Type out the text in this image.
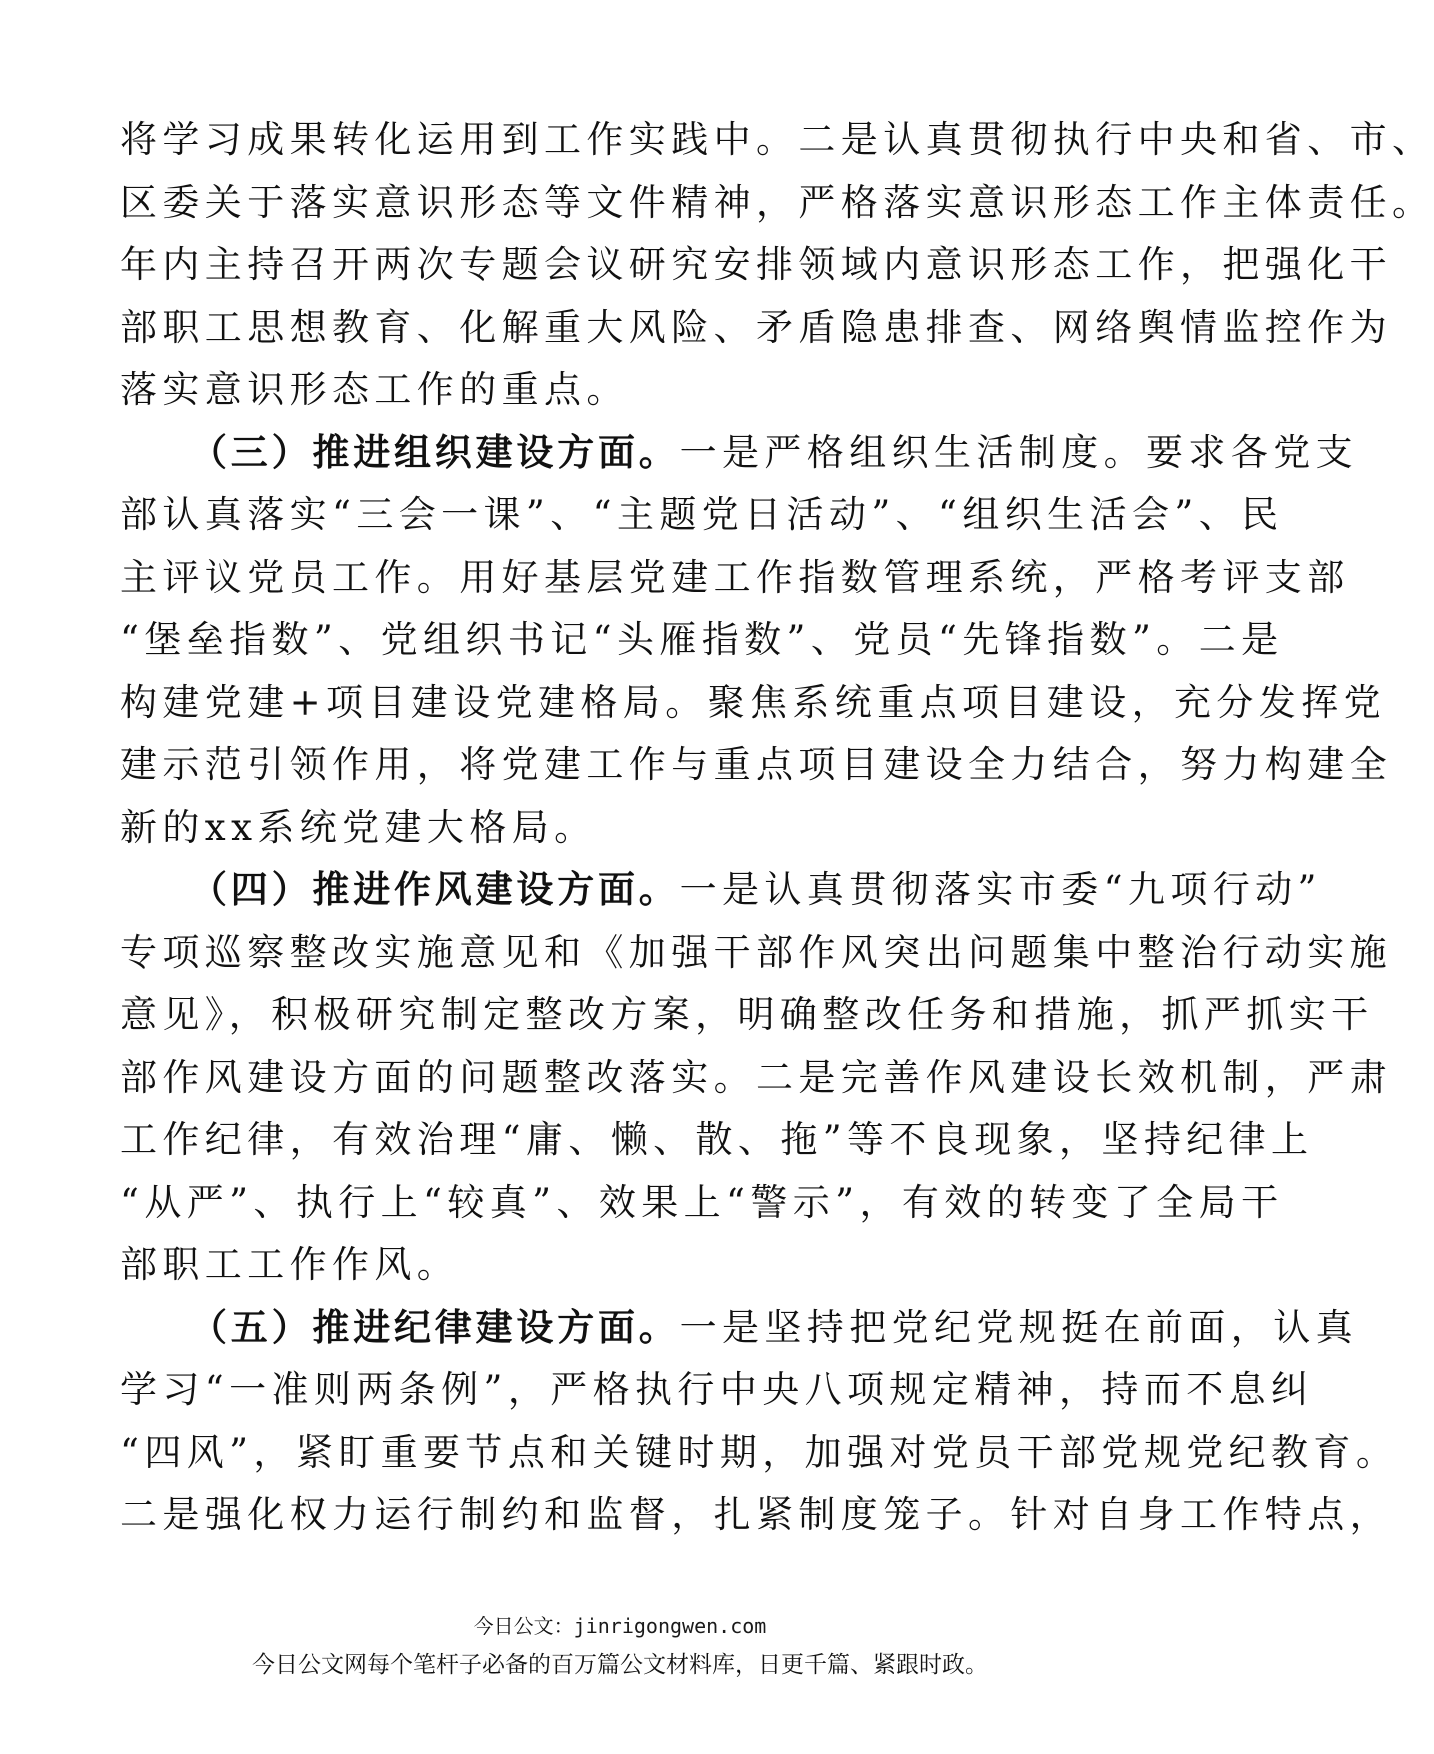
将学习成果转化运用到工作实践中。二是认真贯彻执行中央和省、市、
区委关于落实意识形态等文件精神，严格落实意识形态工作主体责任。
年内主持召开两次专题会议研究安排领域内意识形态工作，把强化干
部职工思想教育、化解重大风险、矛盾隐患排查、网络舆情监控作为
落实意识形态工作的重点。
（三）推进组织建设方面。一是严格组织生活制度。要求各党支
部认真落实“三会一课”、“主题党日活动”、“组织生活会”、民
主评议党员工作。用好基层党建工作指数管理系统，严格考评支部
“堡垒指数”、党组织书记“头雁指数”、党员“先锋指数”。二是
构建党建+项目建设党建格局。聚焦系统重点项目建设，充分发挥党
建示范引领作用，将党建工作与重点项目建设全力结合，努力构建全
新的xx系统党建大格局。
（四）推进作风建设方面。一是认真贯彻落实市委“九项行动”
专项巡察整改实施意见和《加强干部作风突出问题集中整治行动实施
意见》，积极研究制定整改方案，明确整改任务和措施，抓严抓实干
部作风建设方面的问题整改落实。二是完善作风建设长效机制，严肃
工作纪律，有效治理“庸、懒、散、拖”等不良现象，坚持纪律上
“从严”、执行上“较真”、效果上“警示”，有效的转变了全局干
部职工工作作风。
（五）推进纪律建设方面。一是坚持把党纪党规挺在前面，认真
学习“一准则两条例”，严格执行中央八项规定精神，持而不息纠
“四风”，紧盯重要节点和关键时期，加强对党员干部党规党纪教育。
二是强化权力运行制约和监督，扎紧制度笼子。针对自身工作特点，
今日公文：jinrigongwen.com
今日公文网每个笔杆子必备的百万篇公文材料库，日更千篇、紧跟时政。
